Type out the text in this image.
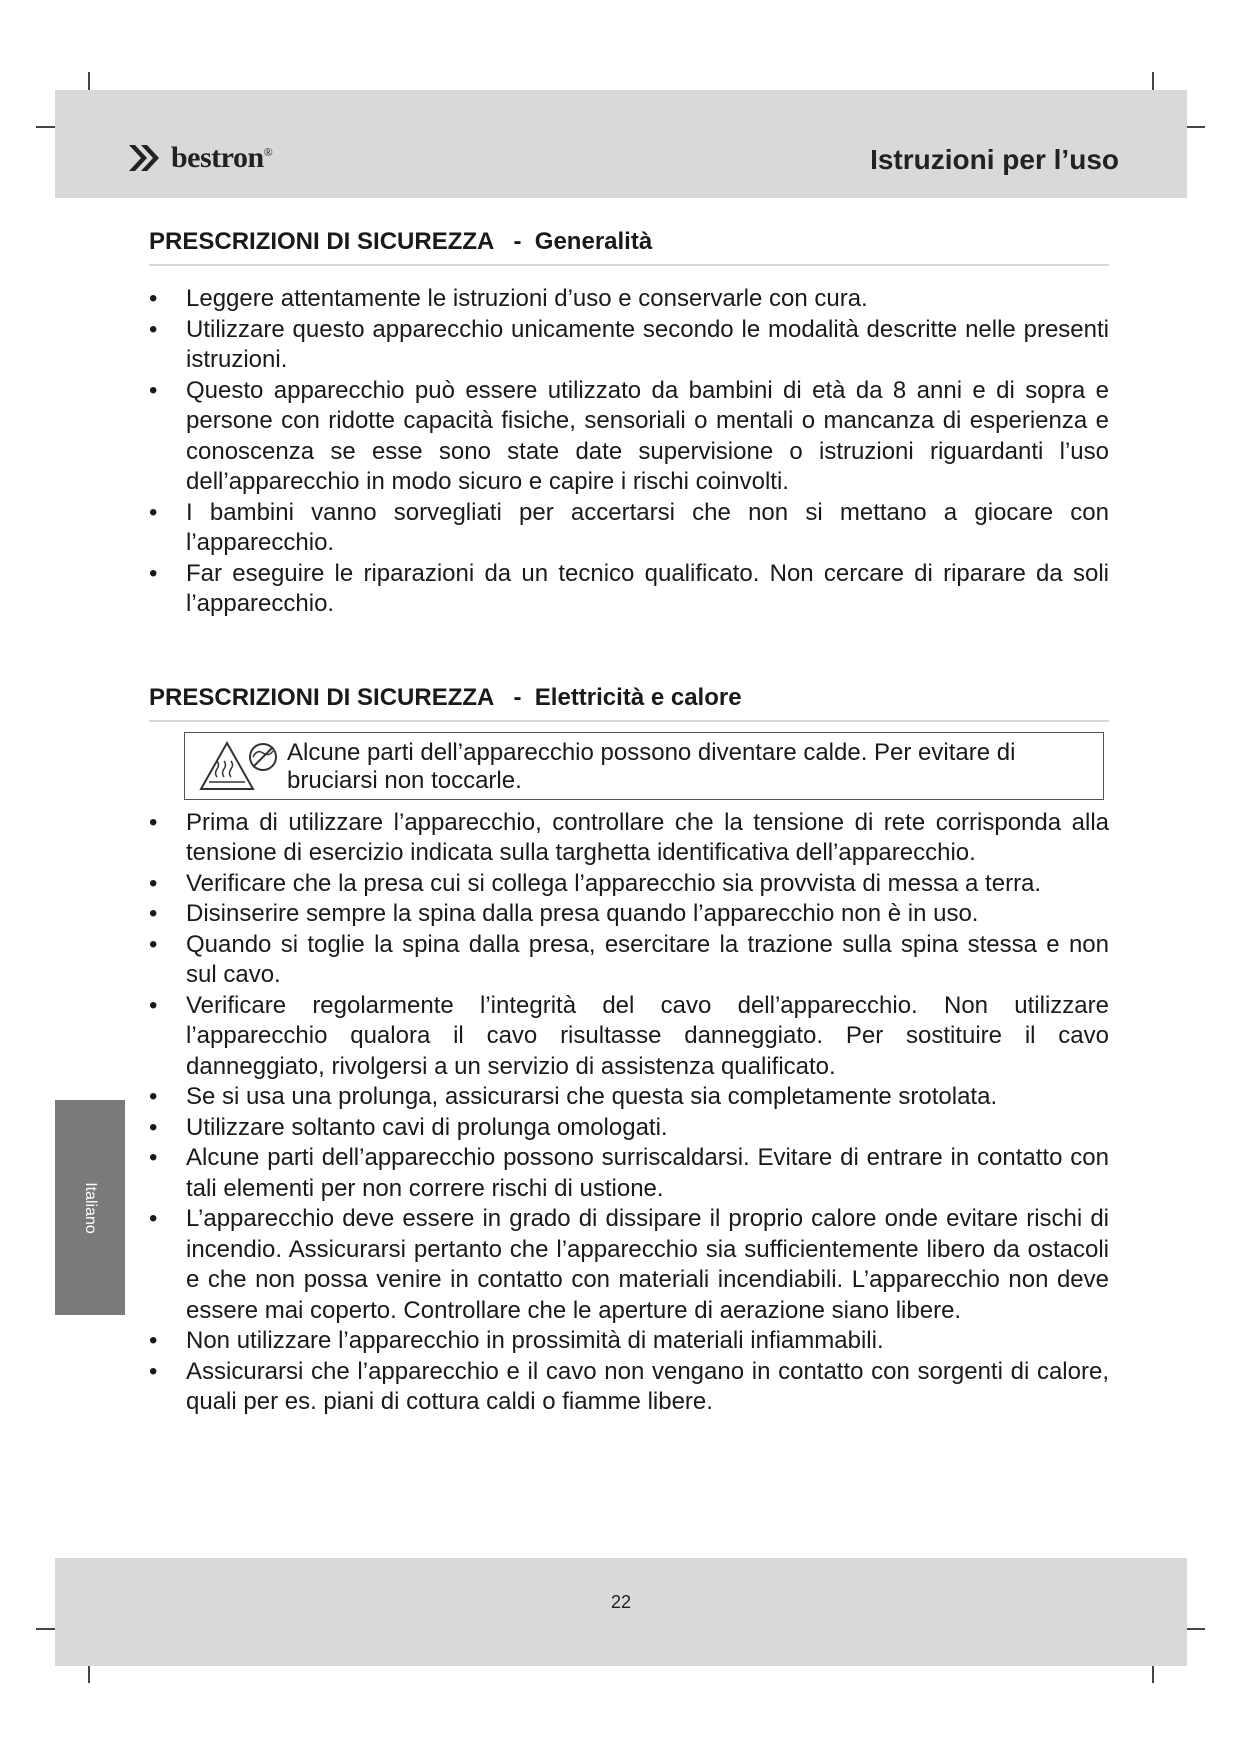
bestron®	Istruzioni per l’uso
PRESCRIZIONI DI SICUREZZA   -  Generalità
•	Leggere attentamente le istruzioni d’uso e conservarle con cura.
•	Utilizzare questo apparecchio unicamente secondo le modalità descritte nelle presenti istruzioni.
•	Questo apparecchio può essere utilizzato da bambini di età da 8 anni e di sopra e persone con ridotte capacità fisiche, sensoriali o mentali o mancanza di esperienza e conoscenza se esse sono state date supervisione o istruzioni riguardanti l’uso dell’apparecchio in modo sicuro e capire i rischi coinvolti.
•	I bambini vanno sorvegliati per accertarsi che non si mettano a giocare con l’apparecchio.
•	Far eseguire le riparazioni da un tecnico qualificato. Non cercare di riparare da soli l’apparecchio.
PRESCRIZIONI DI SICUREZZA   -  Elettricità e calore
Alcune parti dell’apparecchio possono diventare calde. Per evitare di bruciarsi non toccarle.
•	Prima di utilizzare l’apparecchio, controllare che la tensione di rete corrisponda alla tensione di esercizio indicata sulla targhetta identificativa dell’apparecchio.
•	Verificare che la presa cui si collega l’apparecchio sia provvista di messa a terra.
•	Disinserire sempre la spina dalla presa quando l’apparecchio non è in uso.
•	Quando si toglie la spina dalla presa, esercitare la trazione sulla spina stessa e non sul cavo.
•	Verificare regolarmente l’integrità del cavo dell’apparecchio. Non utilizzare l’apparecchio qualora il cavo risultasse danneggiato. Per sostituire il cavo danneggiato, rivolgersi a un servizio di assistenza qualificato.
•	Se si usa una prolunga, assicurarsi che questa sia completamente srotolata.
•	Utilizzare soltanto cavi di prolunga omologati.
•	Alcune parti dell’apparecchio possono surriscaldarsi. Evitare di entrare in contatto con tali elementi per non correre rischi di ustione.
•	L’apparecchio deve essere in grado di dissipare il proprio calore onde evitare rischi di incendio. Assicurarsi pertanto che l’apparecchio sia sufficientemente libero da ostacoli e che non possa venire in contatto con materiali incendiabili. L’apparecchio non deve essere mai coperto. Controllare che le aperture di aerazione siano libere.
•	Non utilizzare l’apparecchio in prossimità di materiali infiammabili.
•	Assicurarsi che l’apparecchio e il cavo non vengano in contatto con sorgenti di calore, quali per es. piani di cottura caldi o fiamme libere.
Italiano
22
